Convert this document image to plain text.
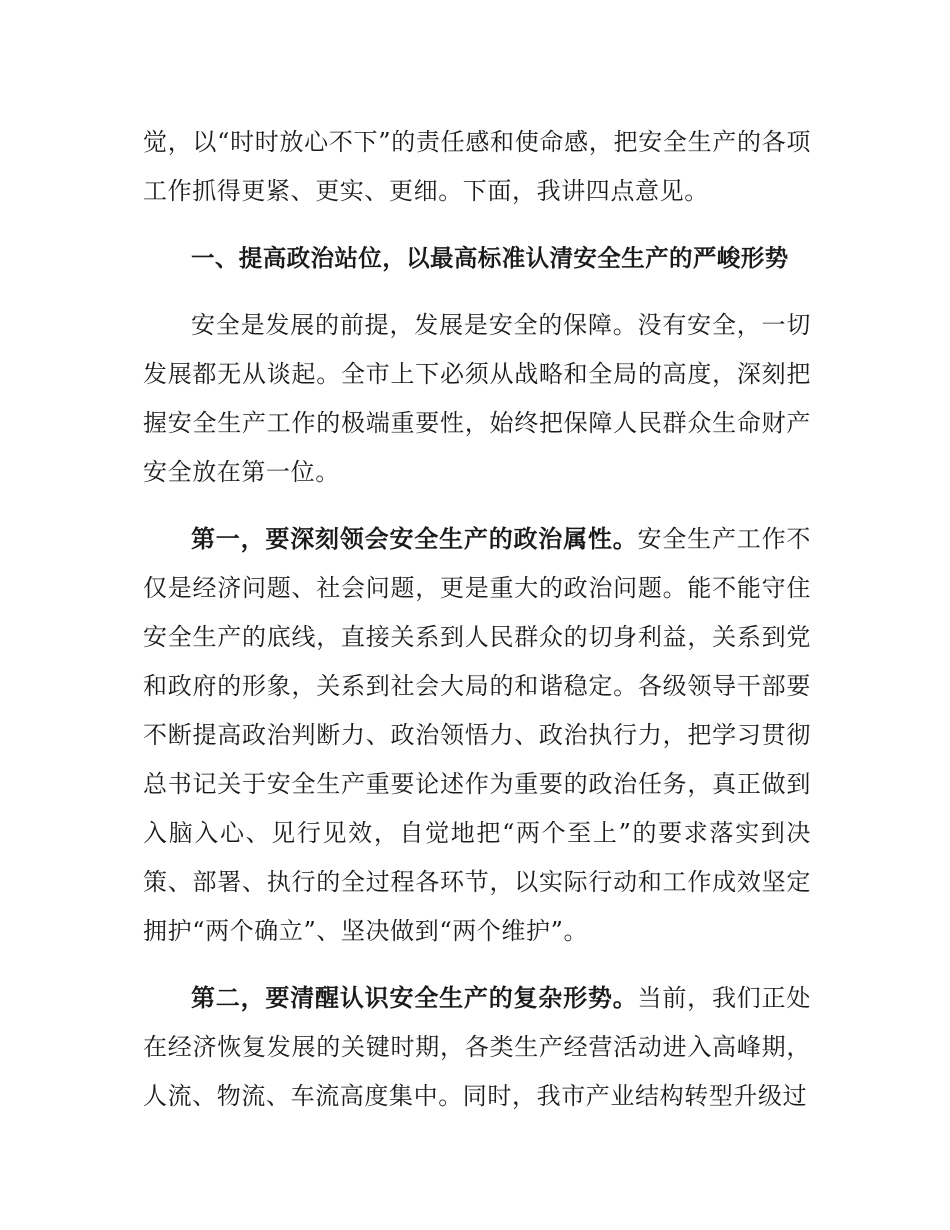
觉，以“时时放心不下”的责任感和使命感，把安全生产的各项工作抓得更紧、更实、更细。下面，我讲四点意见。

一、提高政治站位，以最高标准认清安全生产的严峻形势

安全是发展的前提，发展是安全的保障。没有安全，一切发展都无从谈起。全市上下必须从战略和全局的高度，深刻把握安全生产工作的极端重要性，始终把保障人民群众生命财产安全放在第一位。

第一，要深刻领会安全生产的政治属性。安全生产工作不仅是经济问题、社会问题，更是重大的政治问题。能不能守住安全生产的底线，直接关系到人民群众的切身利益，关系到党和政府的形象，关系到社会大局的和谐稳定。各级领导干部要不断提高政治判断力、政治领悟力、政治执行力，把学习贯彻总书记关于安全生产重要论述作为重要的政治任务，真正做到入脑入心、见行见效，自觉地把“两个至上”的要求落实到决策、部署、执行的全过程各环节，以实际行动和工作成效坚定拥护“两个确立”、坚决做到“两个维护”。

第二，要清醒认识安全生产的复杂形势。当前，我们正处在经济恢复发展的关键时期，各类生产经营活动进入高峰期，人流、物流、车流高度集中。同时，我市产业结构转型升级过
